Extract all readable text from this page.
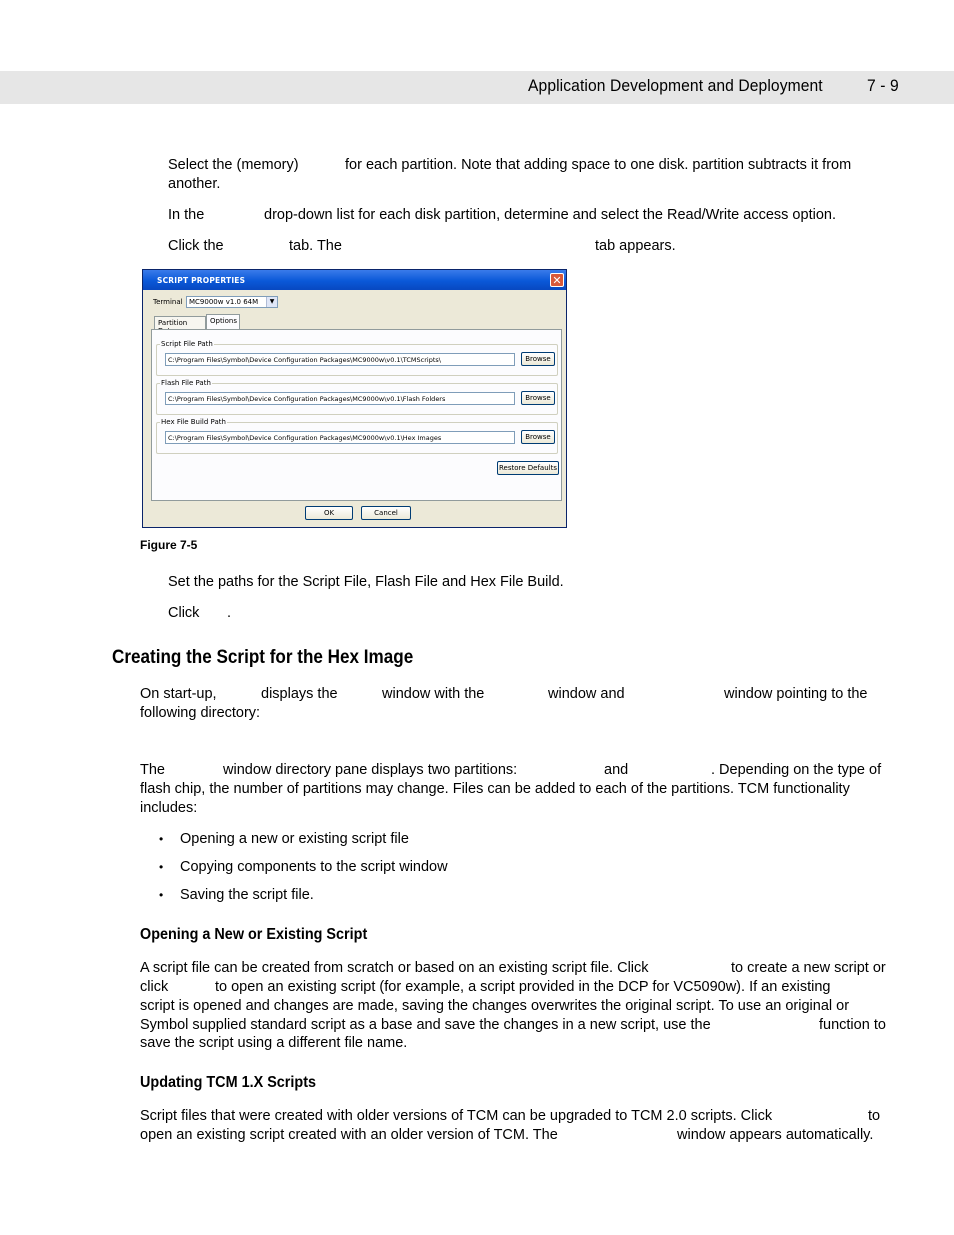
Application Development and Deployment	7 - 9
Select the (memory)	for each partition. Note that adding space to one disk. partition subtracts it from
another.
In the	drop-down list for each disk partition, determine and select the Read/Write access option.
Click the	tab. The	tab appears.
SCRIPT PROPERTIES	✕
Terminal MC9000w v1.0 64M	▼
Partition	Options
Script File Path
C:\Program Files\Symbol\Device Configuration Packages\MC9000w\v0.1\TCMScripts\	Browse
Flash File Path
C:\Program Files\Symbol\Device Configuration Packages\MC9000w\v0.1\Flash Folders	Browse
Hex File Build Path
C:\Program Files\Symbol\Device Configuration Packages\MC9000w\v0.1\Hex Images	Browse
Restore Defaults
OK	Cancel
Figure 7-5
Set the paths for the Script File, Flash File and Hex File Build.
Click .
Creating the Script for the Hex Image
On start-up,	displays the	window with the	window and	window pointing to the
following directory:
The	window directory pane displays two partitions:	and	. Depending on the type of
flash chip, the number of partitions may change. Files can be added to each of the partitions. TCM functionality
includes:
• Opening a new or existing script file
• Copying components to the script window
• Saving the script file.
Opening a New or Existing Script
A script file can be created from scratch or based on an existing script file. Click	to create a new script or
click	to open an existing script (for example, a script provided in the DCP for VC5090w). If an existing
script is opened and changes are made, saving the changes overwrites the original script. To use an original or
Symbol supplied standard script as a base and save the changes in a new script, use the	function to
save the script using a different file name.
Updating TCM 1.X Scripts
Script files that were created with older versions of TCM can be upgraded to TCM 2.0 scripts. Click	to
open an existing script created with an older version of TCM. The	window appears automatically.
